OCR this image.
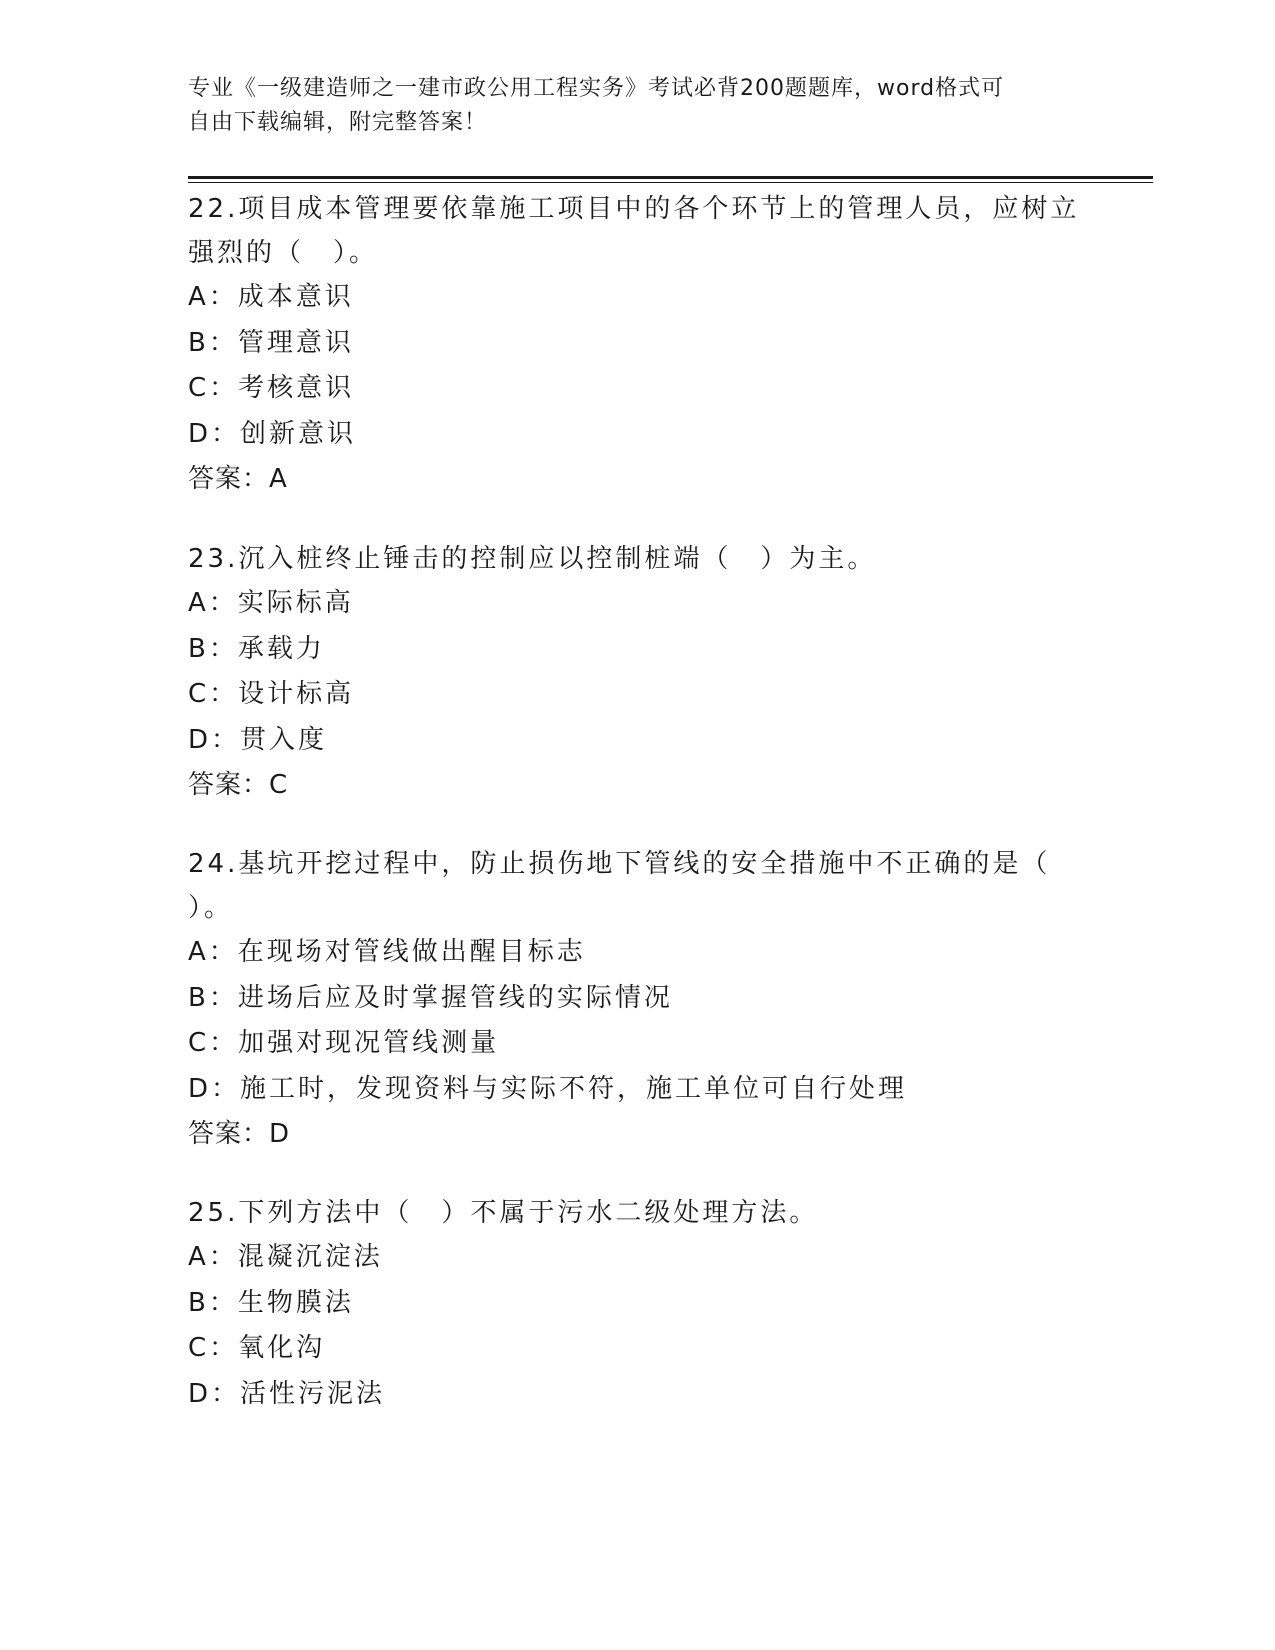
专业《一级建造师之一建市政公用工程实务》考试必背200题题库，word格式可
自由下载编辑，附完整答案！
22.项目成本管理要依靠施工项目中的各个环节上的管理人员，应树立
强烈的（　）。
A：成本意识
B：管理意识
C：考核意识
D：创新意识
答案：A
23.沉入桩终止锤击的控制应以控制桩端（　）为主。
A：实际标高
B：承载力
C：设计标高
D：贯入度
答案：C
24.基坑开挖过程中，防止损伤地下管线的安全措施中不正确的是（
）。
A：在现场对管线做出醒目标志
B：进场后应及时掌握管线的实际情况
C：加强对现况管线测量
D：施工时，发现资料与实际不符，施工单位可自行处理
答案：D
25.下列方法中（　）不属于污水二级处理方法。
A：混凝沉淀法
B：生物膜法
C：氧化沟
D：活性污泥法
